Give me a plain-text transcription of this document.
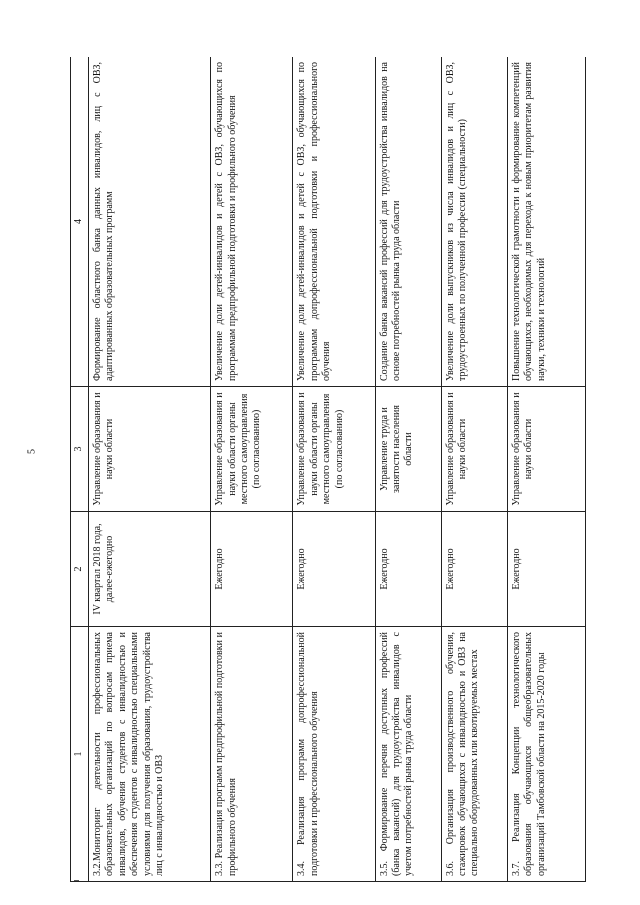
5
1	2	3	4
3.2.Мониторинг деятельности профессиональных образовательных организаций по вопросам приема инвалидов, обучения студентов с инвалидностью и обеспечения студентов с инвалидностью специальными условиями для получения образования, трудоустройства лиц с инвалидностью и ОВЗ	IV квартал 2018 года, далее-ежегодно	Управление образования и науки области	Формирование областного банка данных инвалидов, лиц с ОВЗ, адаптированных образовательных программ
3.3. Реализация программ предпрофильной подготовки и профильного обучения	Ежегодно	Управление образования и науки области органы местного самоуправления (по согласованию)	Увеличение доли детей-инвалидов и детей с ОВЗ, обучающихся по программам предпрофильной подготовки и профильного обучения
3.4. Реализация программ допрофессиональной подготовки и профессионального обучения	Ежегодно	Управление образования и науки области органы местного самоуправления (по согласованию)	Увеличение доли детей-инвалидов и детей с ОВЗ, обучающихся по программам допрофессиональной подготовки и профессионального обучения
3.5. Формирование перечня доступных профессий (банка вакансий) для трудоустройства инвалидов с учетом потребностей рынка труда области	Ежегодно	Управление труда и занятости населения области	Создание банка вакансий профессий для трудоустройства инвалидов на основе потребностей рынка труда области
3.6. Организация производственного обучения, стажировок обучающихся с инвалидностью и ОВЗ на специально оборудованных или квотируемых местах	Ежегодно	Управление образования и науки области	Увеличение доли выпускников из числа инвалидов и лиц с ОВЗ, трудоустроенных по полученной профессии (специальности)
3.7. Реализация Концепции технологического образования обучающихся общеобразовательных организаций Тамбовской области на 2015-2020 годы	Ежегодно	Управление образования и науки области	Повышение технологической грамотности и формирование компетенций обучающихся, необходимых для перехода к новым приоритетам развития науки, техники и технологий
